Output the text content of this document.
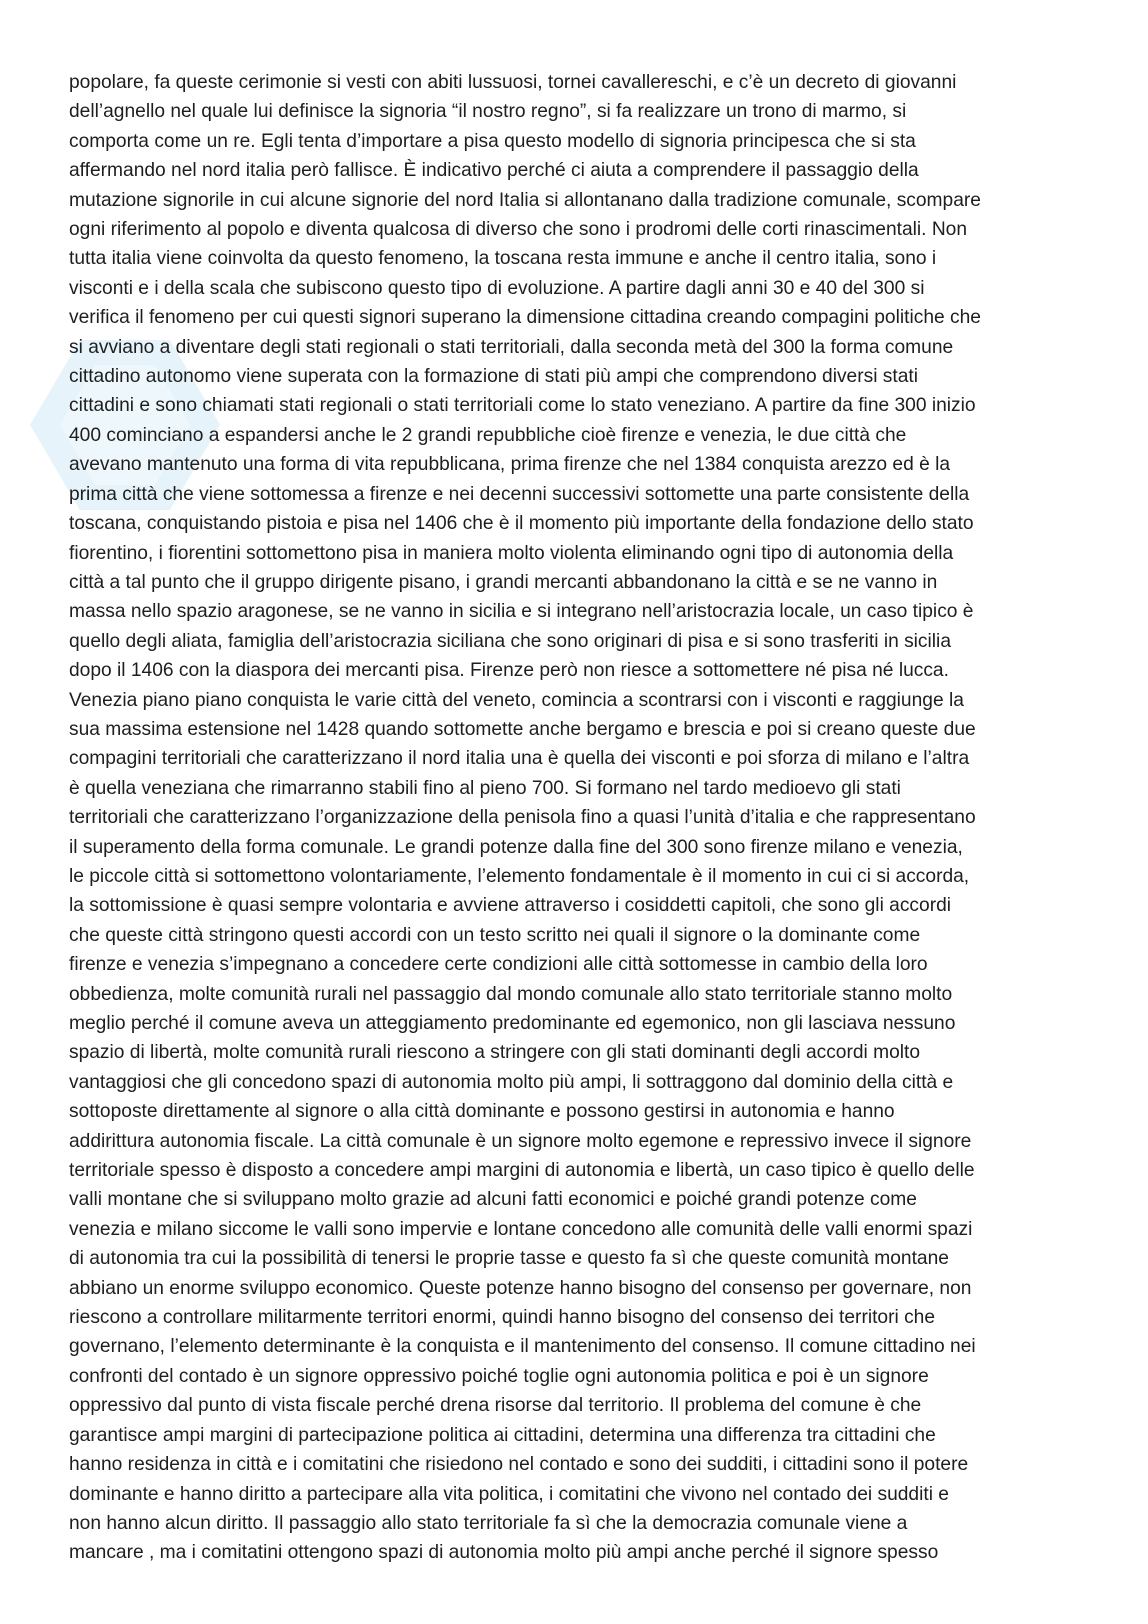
popolare, fa queste cerimonie si vesti con abiti lussuosi, tornei cavallereschi, e c’è un decreto di giovanni
dell’agnello nel quale lui definisce la signoria “il nostro regno”, si fa realizzare un trono di marmo, si
comporta come un re. Egli tenta d’importare a pisa questo modello di signoria principesca che si sta
affermando nel nord italia però fallisce. È indicativo perché ci aiuta a comprendere il passaggio della
mutazione signorile in cui alcune signorie del nord Italia si allontanano dalla tradizione comunale, scompare
ogni riferimento al popolo e diventa qualcosa di diverso che sono i prodromi delle corti rinascimentali. Non
tutta italia viene coinvolta da questo fenomeno, la toscana resta immune e anche il centro italia, sono i
visconti e i della scala che subiscono questo tipo di evoluzione. A partire dagli anni 30 e 40 del 300 si
verifica il fenomeno per cui questi signori superano la dimensione cittadina creando compagini politiche che
si avviano a diventare degli stati regionali o stati territoriali, dalla seconda metà del 300 la forma comune
cittadino autonomo viene superata con la formazione di stati più ampi che comprendono diversi stati
cittadini e sono chiamati stati regionali o stati territoriali come lo stato veneziano. A partire da fine 300 inizio
400 cominciano a espandersi anche le 2 grandi repubbliche cioè firenze e venezia, le due città che
avevano mantenuto una forma di vita repubblicana, prima firenze che nel 1384 conquista arezzo ed è la
prima città che viene sottomessa a firenze e nei decenni successivi sottomette una parte consistente della
toscana, conquistando pistoia e pisa nel 1406 che è il momento più importante della fondazione dello stato
fiorentino, i fiorentini sottomettono pisa in maniera molto violenta eliminando ogni tipo di autonomia della
città a tal punto che il gruppo dirigente pisano, i grandi mercanti abbandonano la città e se ne vanno in
massa nello spazio aragonese, se ne vanno in sicilia e si integrano nell’aristocrazia locale, un caso tipico è
quello degli aliata, famiglia dell’aristocrazia siciliana che sono originari di pisa e si sono trasferiti in sicilia
dopo il 1406 con la diaspora dei mercanti pisa. Firenze però non riesce a sottomettere né pisa né lucca.
Venezia piano piano conquista le varie città del veneto, comincia a scontrarsi con i visconti e raggiunge la
sua massima estensione nel 1428 quando sottomette anche bergamo e brescia e poi si creano queste due
compagini territoriali che caratterizzano il nord italia una è quella dei visconti e poi sforza di milano e l’altra
è quella veneziana che rimarranno stabili fino al pieno 700. Si formano nel tardo medioevo gli stati
territoriali che caratterizzano l’organizzazione della penisola fino a quasi l’unità d’italia e che rappresentano
il superamento della forma comunale. Le grandi potenze dalla fine del 300 sono firenze milano e venezia,
le piccole città si sottomettono volontariamente, l’elemento fondamentale è il momento in cui ci si accorda,
la sottomissione è quasi sempre volontaria e avviene attraverso i cosiddetti capitoli, che sono gli accordi
che queste città stringono questi accordi con un testo scritto nei quali il signore o la dominante come
firenze e venezia s’impegnano a concedere certe condizioni alle città sottomesse in cambio della loro
obbedienza, molte comunità rurali nel passaggio dal mondo comunale allo stato territoriale stanno molto
meglio perché il comune aveva un atteggiamento predominante ed egemonico, non gli lasciava nessuno
spazio di libertà, molte comunità rurali riescono a stringere con gli stati dominanti degli accordi molto
vantaggiosi che gli concedono spazi di autonomia molto più ampi, li sottraggono dal dominio della città e
sottoposte direttamente al signore o alla città dominante e possono gestirsi in autonomia e hanno
addirittura autonomia fiscale. La città comunale è un signore molto egemone e repressivo invece il signore
territoriale spesso è disposto a concedere ampi margini di autonomia e libertà, un caso tipico è quello delle
valli montane che si sviluppano molto grazie ad alcuni fatti economici e poiché grandi potenze come
venezia e milano siccome le valli sono impervie e lontane concedono alle comunità delle valli enormi spazi
di autonomia tra cui la possibilità di tenersi le proprie tasse e questo fa sì che queste comunità montane
abbiano un enorme sviluppo economico. Queste potenze hanno bisogno del consenso per governare, non
riescono a controllare militarmente territori enormi, quindi hanno bisogno del consenso dei territori che
governano, l’elemento determinante è la conquista e il mantenimento del consenso. Il comune cittadino nei
confronti del contado è un signore oppressivo poiché toglie ogni autonomia politica e poi è un signore
oppressivo dal punto di vista fiscale perché drena risorse dal territorio. Il problema del comune è che
garantisce ampi margini di partecipazione politica ai cittadini, determina una differenza tra cittadini che
hanno residenza in città e i comitatini che risiedono nel contado e sono dei sudditi, i cittadini sono il potere
dominante e hanno diritto a partecipare alla vita politica, i comitatini che vivono nel contado dei sudditi e
non hanno alcun diritto. Il passaggio allo stato territoriale fa sì che la democrazia comunale viene a
mancare , ma i comitatini ottengono spazi di autonomia molto più ampi anche perché il signore spesso
